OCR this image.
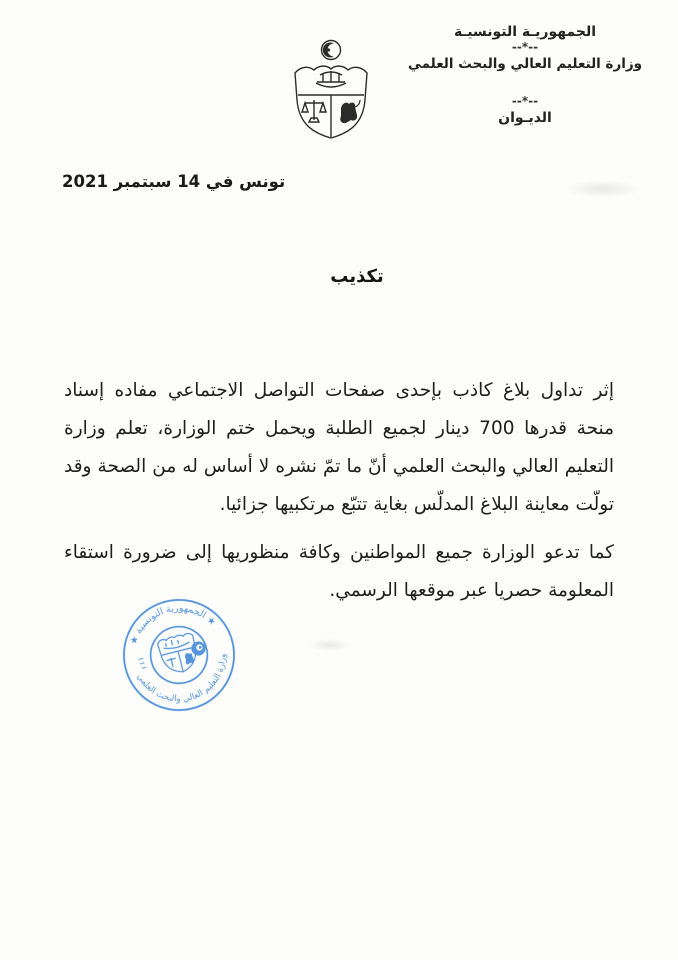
الجمهوريـة التونسيـة
--*--
وزارة التعليم العالي والبحث العلمي
--*--
الديـوان
تونس في 14 سبتمبر 2021
تكذيب

إثر تداول بلاغ كاذب بإحدى صفحات التواصل الاجتماعي مفاده إسناد منحة قدرها 700 دينار لجميع الطلبة ويحمل ختم الوزارة، تعلم وزارة التعليم العالي والبحث العلمي أنّ ما تمّ نشره لا أساس له من الصحة وقد تولّت معاينة البلاغ المدلّس بغاية تتبّع مرتكبيها جزائيا.

كما تدعو الوزارة جميع المواطنين وكافة منظوريها إلى ضرورة استقاء المعلومة حصريا عبر موقعها الرسمي.

★ الجمهورية التونسية ★
وزارة التعليم العالي والبحث العلمي
